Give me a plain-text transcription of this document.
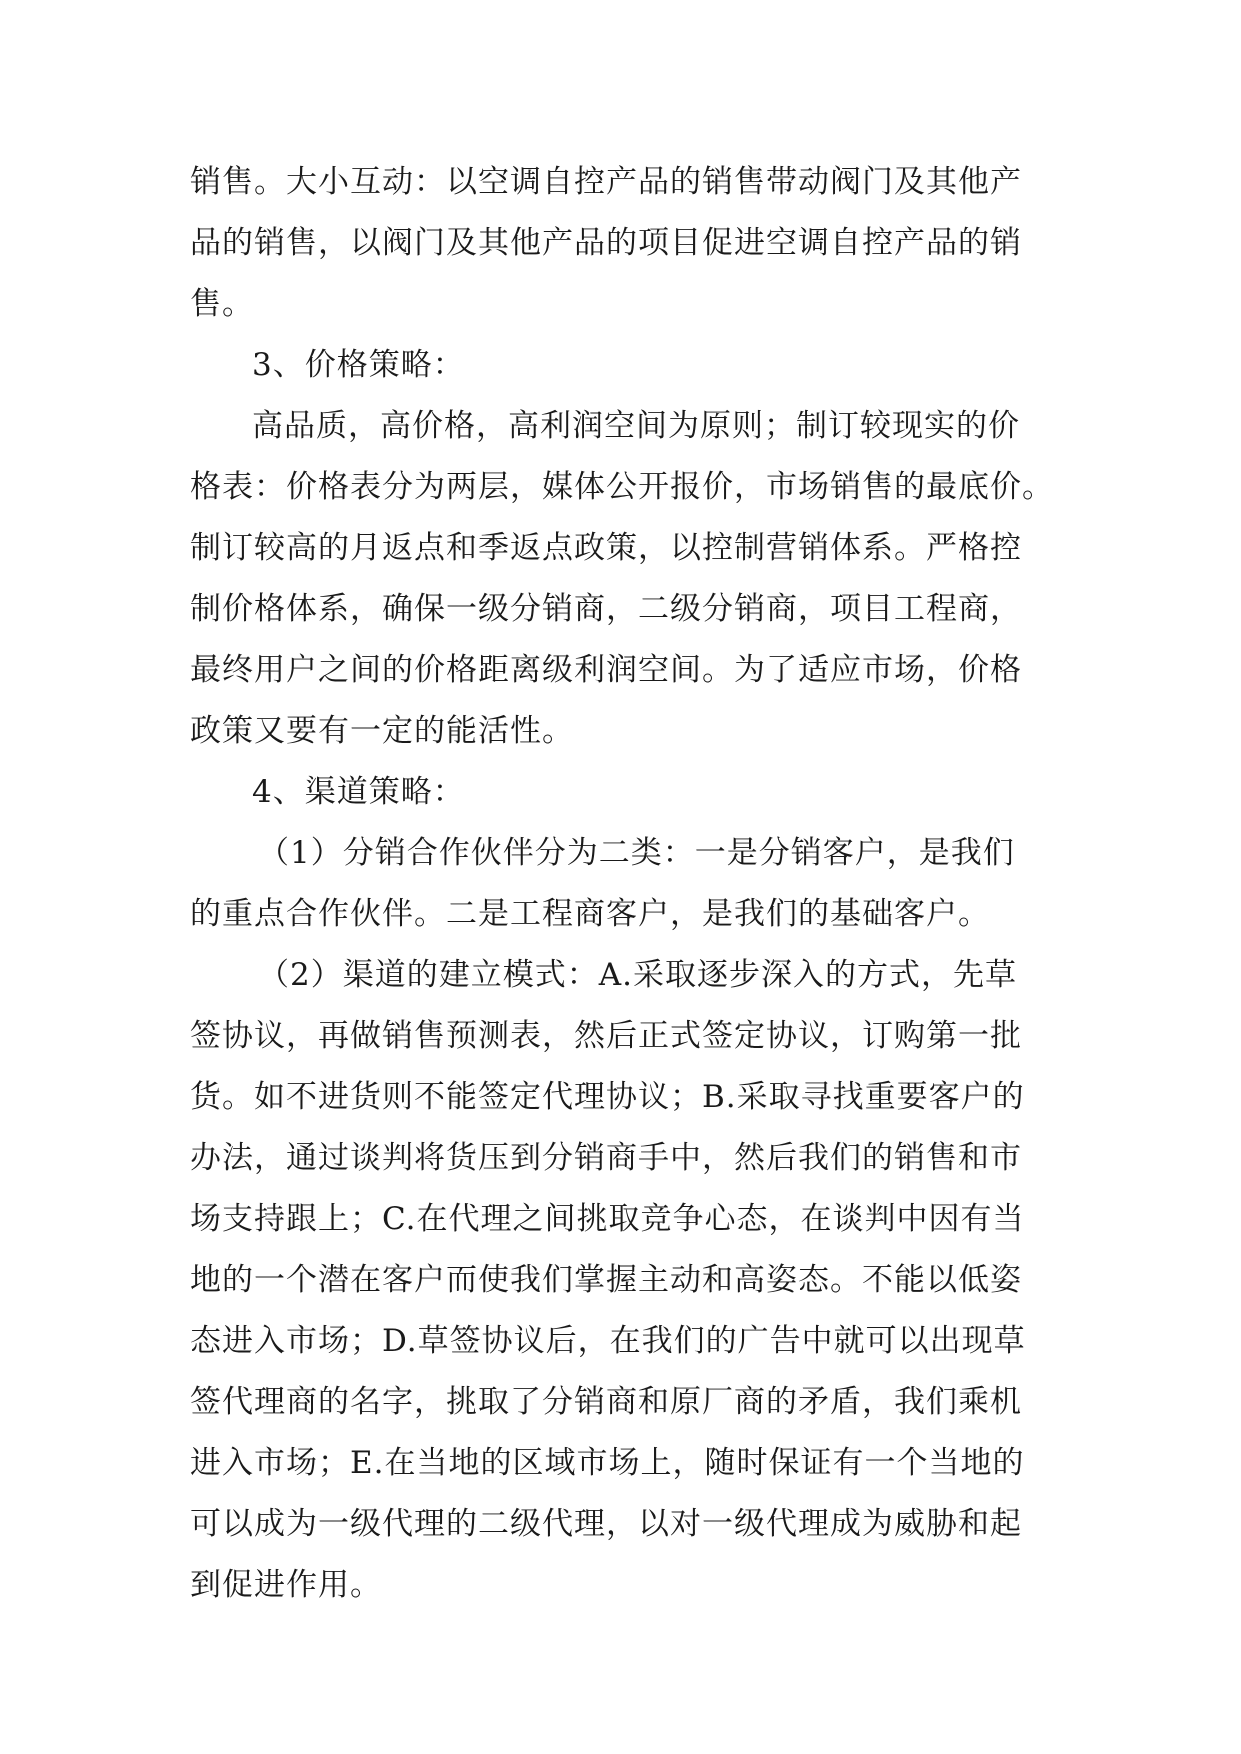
销售。大小互动：以空调自控产品的销售带动阀门及其他产
品的销售，以阀门及其他产品的项目促进空调自控产品的销
售。
3、价格策略：
高品质，高价格，高利润空间为原则；制订较现实的价
格表：价格表分为两层，媒体公开报价，市场销售的最底价。
制订较高的月返点和季返点政策，以控制营销体系。严格控
制价格体系，确保一级分销商，二级分销商，项目工程商，
最终用户之间的价格距离级利润空间。为了适应市场，价格
政策又要有一定的能活性。
4、渠道策略：
（1）分销合作伙伴分为二类：一是分销客户，是我们
的重点合作伙伴。二是工程商客户，是我们的基础客户。
（2）渠道的建立模式：A.采取逐步深入的方式，先草
签协议，再做销售预测表，然后正式签定协议，订购第一批
货。如不进货则不能签定代理协议；B.采取寻找重要客户的
办法，通过谈判将货压到分销商手中，然后我们的销售和市
场支持跟上；C.在代理之间挑取竞争心态，在谈判中因有当
地的一个潜在客户而使我们掌握主动和高姿态。不能以低姿
态进入市场；D.草签协议后，在我们的广告中就可以出现草
签代理商的名字，挑取了分销商和原厂商的矛盾，我们乘机
进入市场；E.在当地的区域市场上，随时保证有一个当地的
可以成为一级代理的二级代理，以对一级代理成为威胁和起
到促进作用。
